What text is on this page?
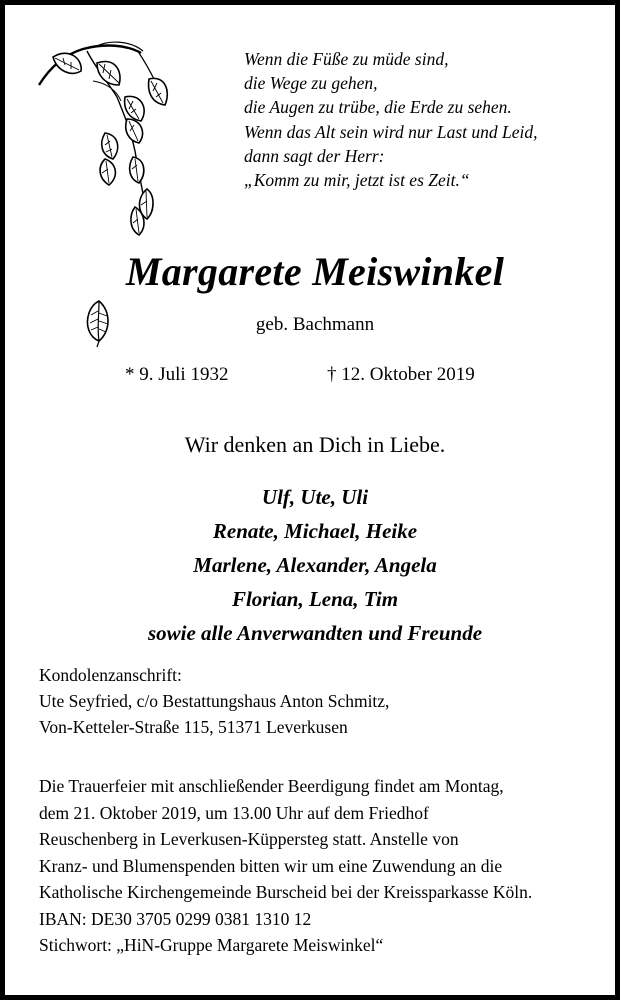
Wenn die Füße zu müde sind,
die Wege zu gehen,
die Augen zu trübe, die Erde zu sehen.
Wenn das Alt sein wird nur Last und Leid,
dann sagt der Herr:
„Komm zu mir, jetzt ist es Zeit.“
Margarete Meiswinkel
geb. Bachmann
* 9. Juli 1932	† 12. Oktober 2019
Wir denken an Dich in Liebe.
Ulf, Ute, Uli
Renate, Michael, Heike
Marlene, Alexander, Angela
Florian, Lena, Tim
sowie alle Anverwandten und Freunde
Kondolenzanschrift:
Ute Seyfried, c/o Bestattungshaus Anton Schmitz,
Von-Ketteler-Straße 115, 51371 Leverkusen
Die Trauerfeier mit anschließender Beerdigung findet am Montag,
dem 21. Oktober 2019, um 13.00 Uhr auf dem Friedhof
Reuschenberg in Leverkusen-Küppersteg statt. Anstelle von
Kranz- und Blumenspenden bitten wir um eine Zuwendung an die
Katholische Kirchengemeinde Burscheid bei der Kreissparkasse Köln.
IBAN: DE30 3705 0299 0381 1310 12
Stichwort: „HiN-Gruppe Margarete Meiswinkel“
